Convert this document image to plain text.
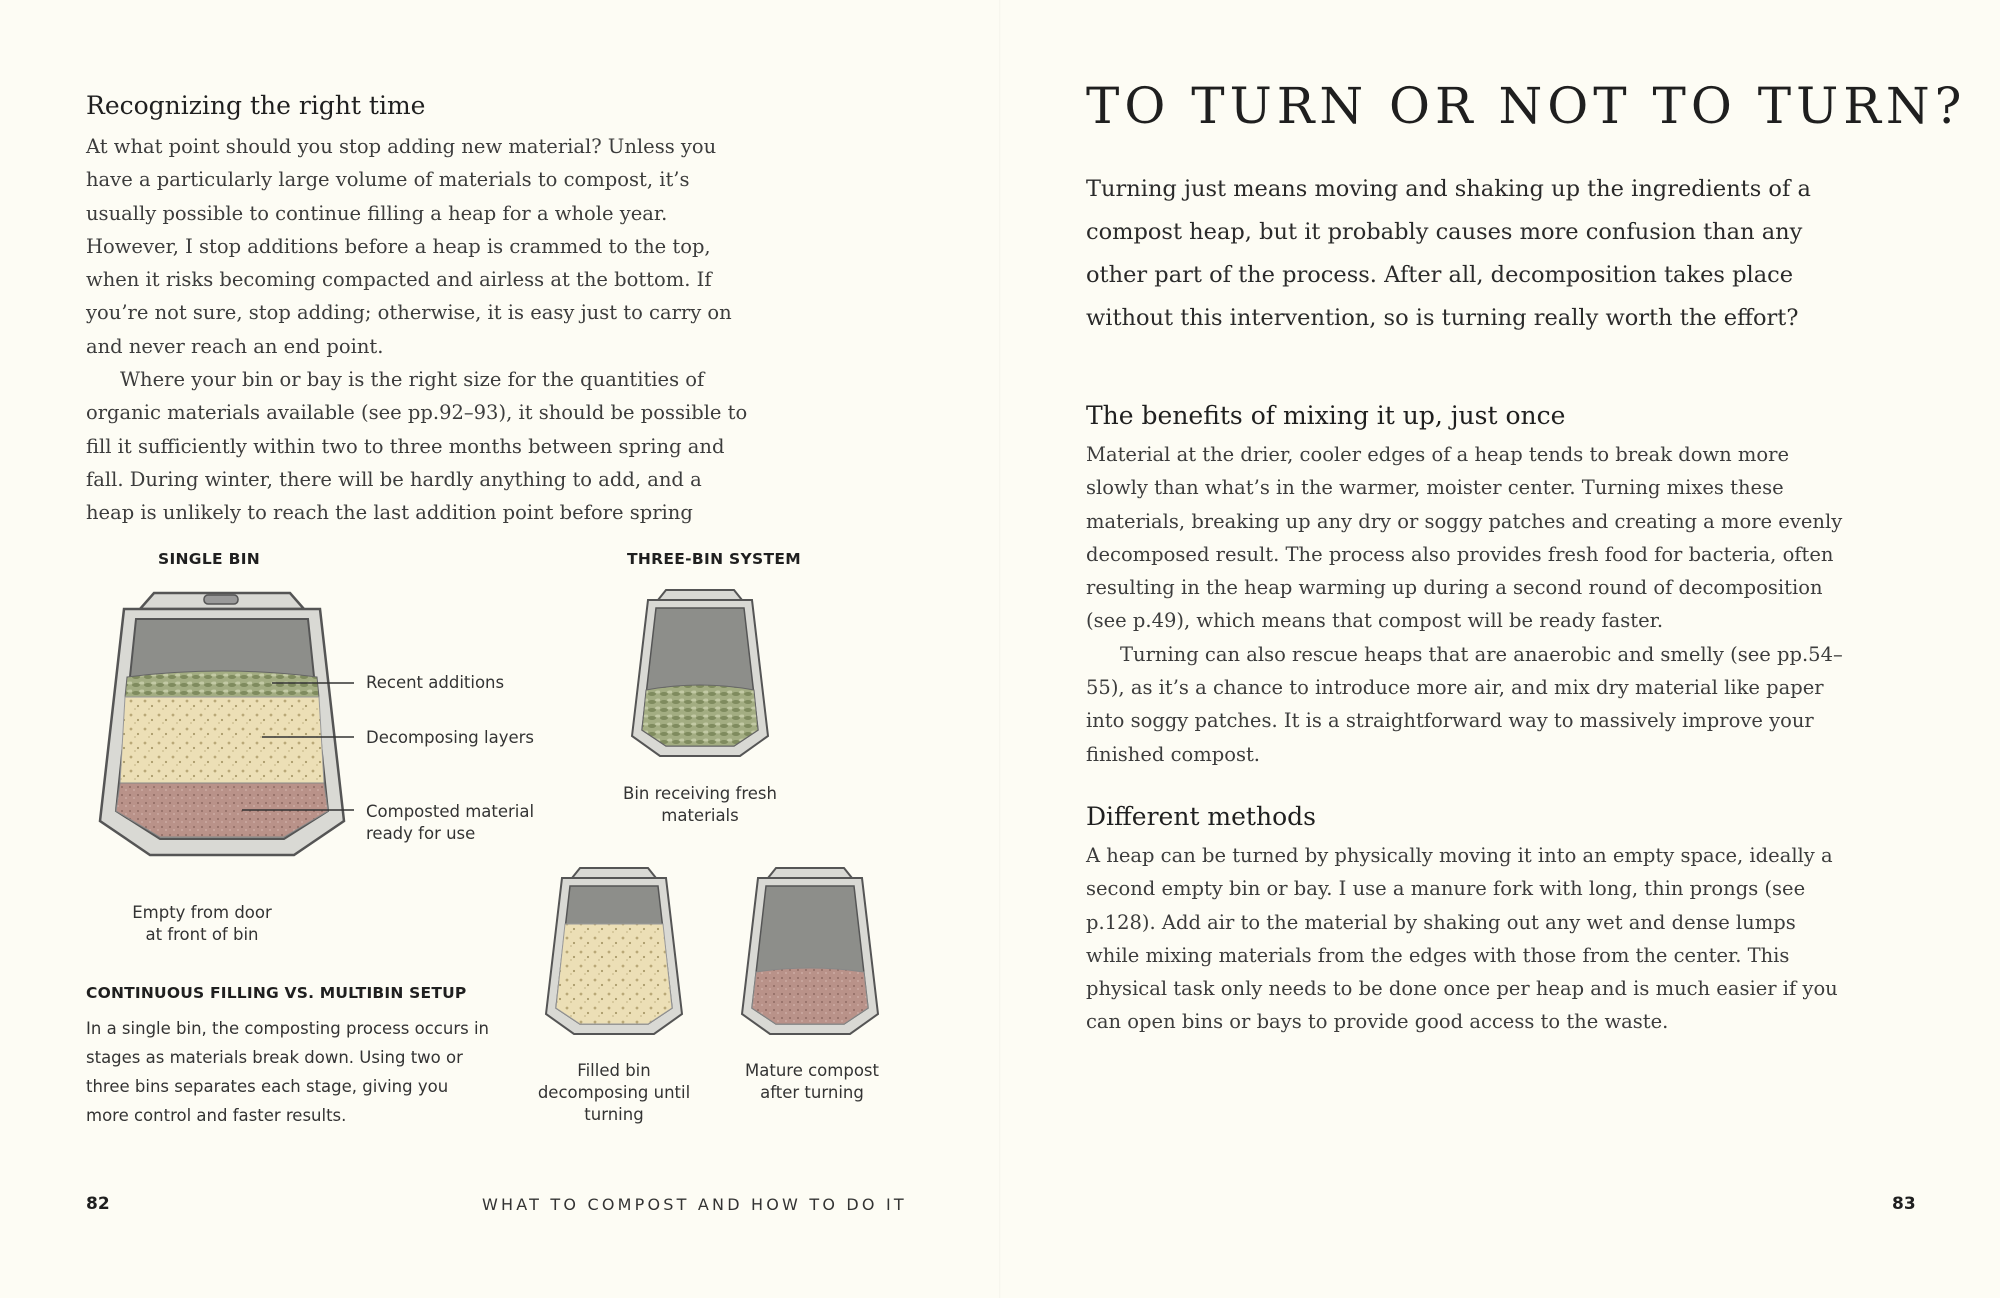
Recognizing the right time

At what point should you stop adding new material? Unless you have a particularly large volume of materials to compost, it’s usually possible to continue filling a heap for a whole year. However, I stop additions before a heap is crammed to the top, when it risks becoming compacted and airless at the bottom. If you’re not sure, stop adding; otherwise, it is easy just to carry on and never reach an end point.

Where your bin or bay is the right size for the quantities of organic materials available (see pp.92–93), it should be possible to fill it sufficiently within two to three months between spring and fall. During winter, there will be hardly anything to add, and a heap is unlikely to reach the last addition point before spring

SINGLE BIN	THREE-BIN SYSTEM
Recent additions
Decomposing layers
Composted material
ready for use
Empty from door
at front of bin
Bin receiving fresh
materials
Filled bin
decomposing until
turning
Mature compost
after turning
CONTINUOUS FILLING VS. MULTIBIN SETUP

In a single bin, the composting process occurs in stages as materials break down. Using two or three bins separates each stage, giving you more control and faster results.

TO TURN OR NOT TO TURN?

Turning just means moving and shaking up the ingredients of a compost heap, but it probably causes more confusion than any other part of the process. After all, decomposition takes place without this intervention, so is turning really worth the effort?

The benefits of mixing it up, just once

Material at the drier, cooler edges of a heap tends to break down more slowly than what’s in the warmer, moister center. Turning mixes these materials, breaking up any dry or soggy patches and creating a more evenly decomposed result. The process also provides fresh food for bacteria, often resulting in the heap warming up during a second round of decomposition (see p.49), which means that compost will be ready faster.

Turning can also rescue heaps that are anaerobic and smelly (see pp.54–55), as it’s a chance to introduce more air, and mix dry material like paper into soggy patches. It is a straightforward way to massively improve your finished compost.

Different methods

A heap can be turned by physically moving it into an empty space, ideally a second empty bin or bay. I use a manure fork with long, thin prongs (see p.128). Add air to the material by shaking out any wet and dense lumps while mixing materials from the edges with those from the center. This physical task only needs to be done once per heap and is much easier if you can open bins or bays to provide good access to the waste.

82	WHAT TO COMPOST AND HOW TO DO IT	83
